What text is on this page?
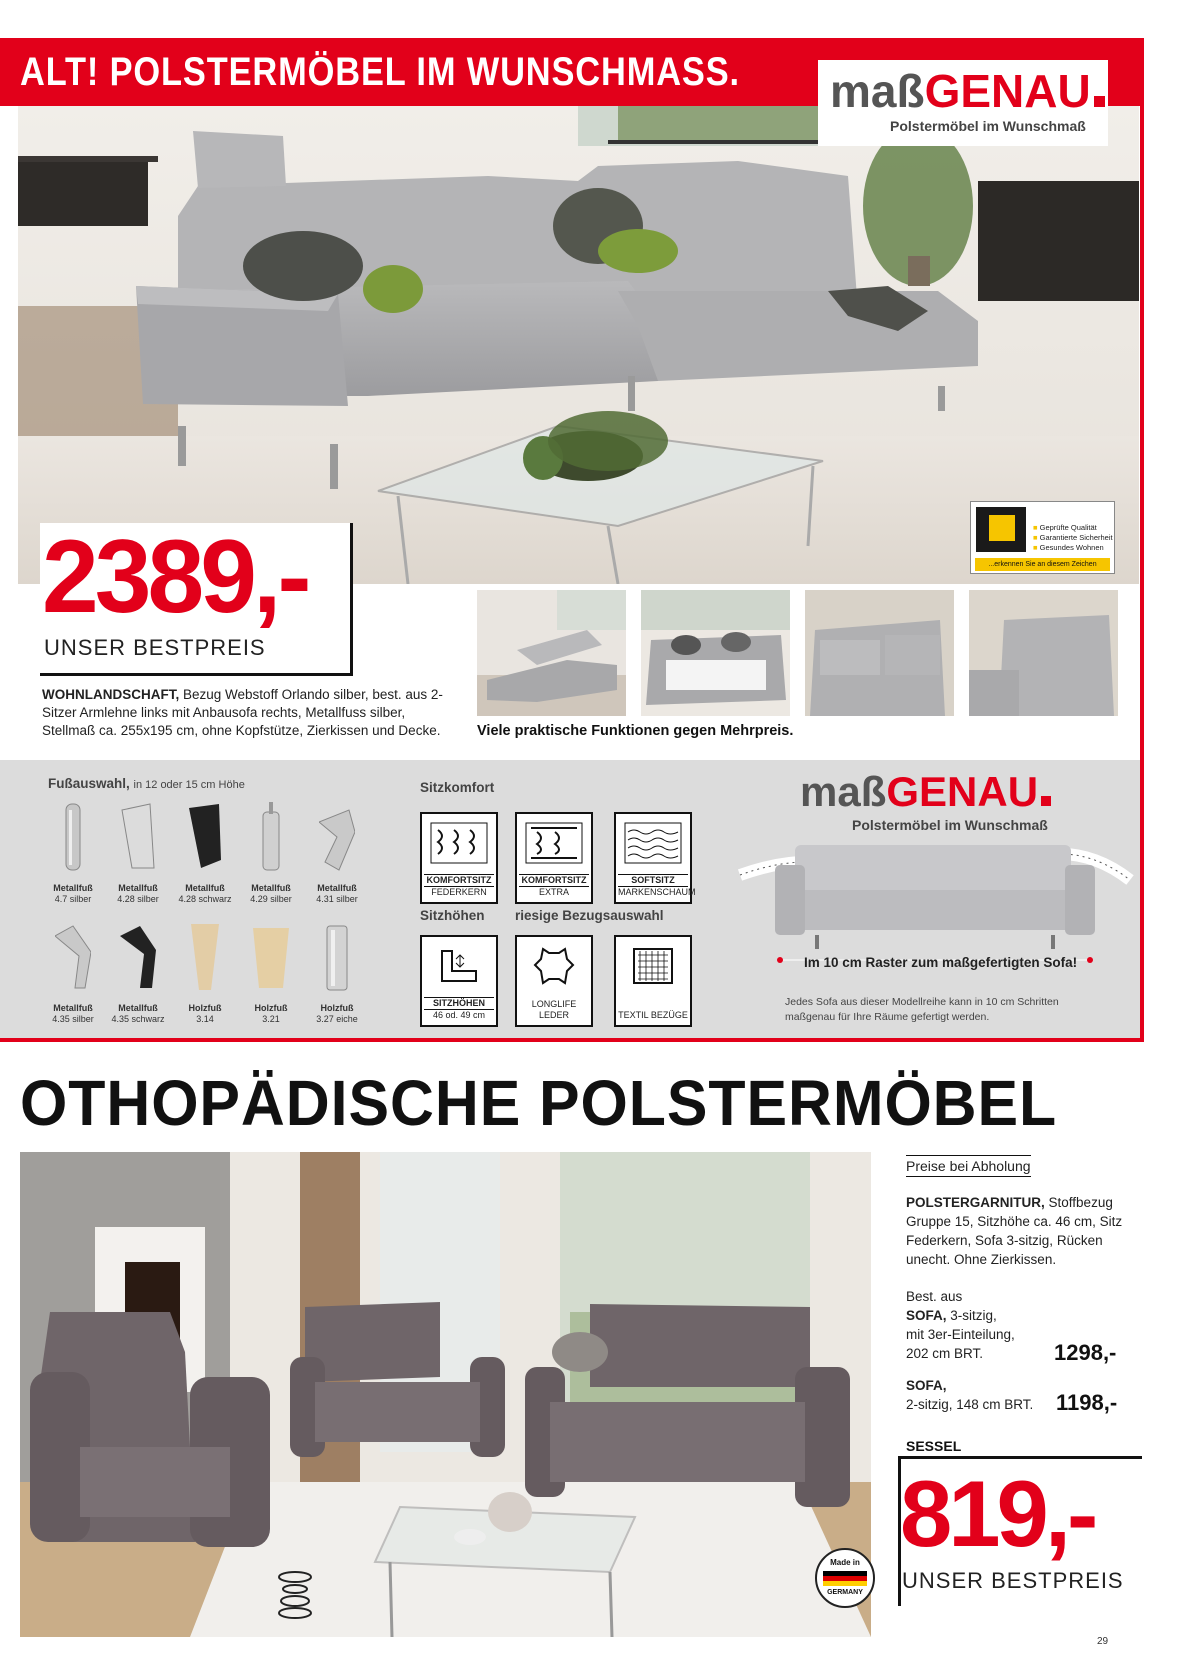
ALT! POLSTERMÖBEL IM WUNSCHMASS. maßGENAU
Polstermöbel im Wunschmaß
2389,-
UNSER BESTPREIS
■ Geprüfte Qualität
■ Garantierte Sicherheit
■ Gesundes Wohnen
...erkennen Sie an diesem Zeichen
WOHNLANDSCHAFT, Bezug Webstoff Orlando silber, best. aus 2-Sitzer Armlehne links mit Anbausofa rechts, Metallfuss silber, Stellmaß ca. 255x195 cm, ohne Kopfstütze, Zierkissen und Decke.	Viele praktische Funktionen gegen Mehrpreis.
Fußauswahl, in 12 oder 15 cm Höhe
Metallfuß
4.7 silber
Metallfuß
4.28 silber
Metallfuß
4.28 schwarz
Metallfuß
4.29 silber
Metallfuß
4.31 silber
Metallfuß
4.35 silber
Metallfuß
4.35 schwarz
Holzfuß
3.14
Holzfuß
3.21
Holzfuß
3.27 eiche
Sitzkomfort
KOMFORTSITZ
FEDERKERN
KOMFORTSITZ
EXTRA
SOFTSITZ
MARKENSCHAUM
Sitzhöhen riesige Bezugsauswahl
SITZHÖHEN
46 od. 49 cm
LONGLIFE LEDER	TEXTIL BEZÜGE
maßGENAU
Polstermöbel im Wunschmaß
Im 10 cm Raster zum maßgefertigten Sofa!
Jedes Sofa aus dieser Modellreihe kann in 10 cm Schritten maßgenau für Ihre Räume gefertigt werden.
OTHOPÄDISCHE POLSTERMÖBEL
Made in
GERMANY
Preise bei Abholung
POLSTERGARNITUR, Stoffbezug Gruppe 15, Sitzhöhe ca. 46 cm, Sitz Federkern, Sofa 3-sitzig, Rücken unecht. Ohne Zierkissen.
Best. aus
SOFA, 3-sitzig,
mit 3er-Einteilung,
202 cm BRT.	1298,-
SOFA,
2-sitzig, 148 cm BRT. 1198,-
SESSEL
819,-
UNSER BESTPREIS
29
